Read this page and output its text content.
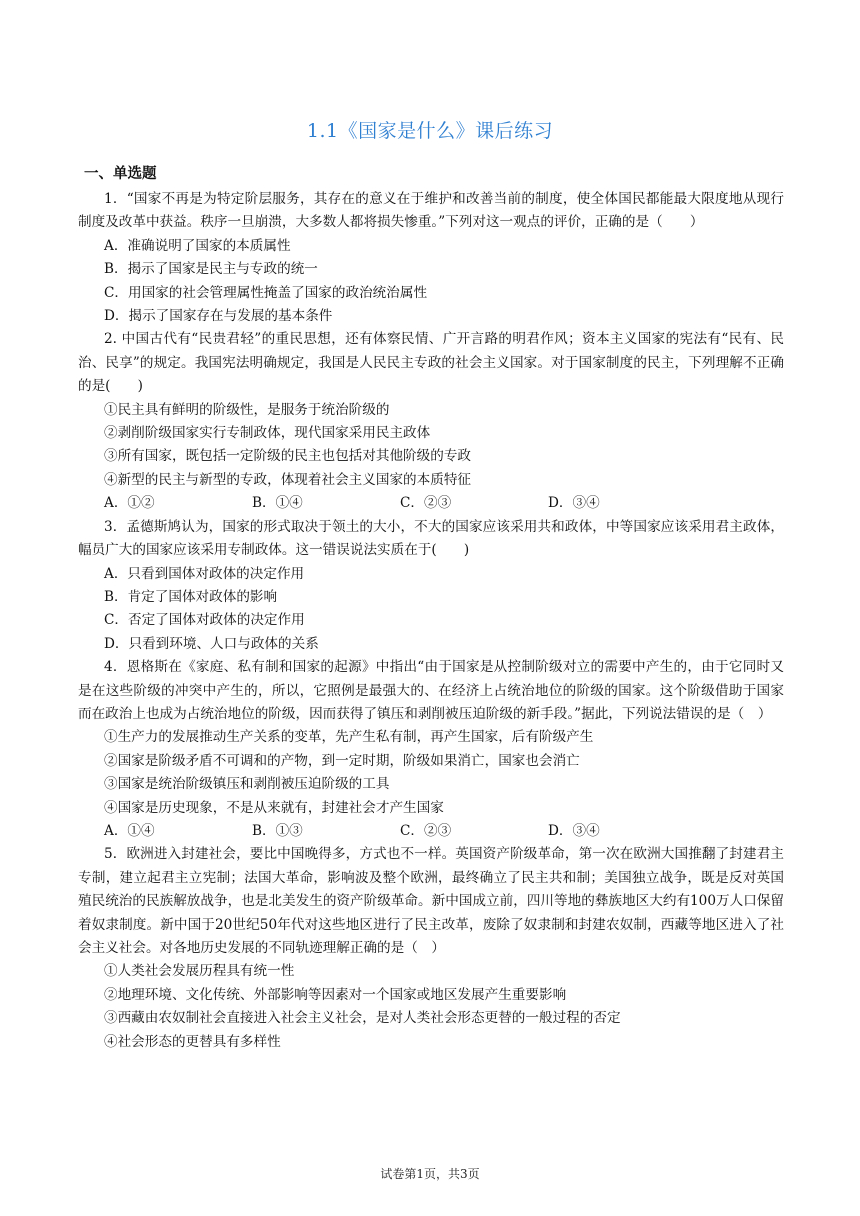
1.1《国家是什么》课后练习
一、单选题

1．“国家不再是为特定阶层服务，其存在的意义在于维护和改善当前的制度，使全体国民都能最大限度地从现行制度及改革中获益。秩序一旦崩溃，大多数人都将损失惨重。”下列对这一观点的评价，正确的是（　　）

A．准确说明了国家的本质属性

B．揭示了国家是民主与专政的统一

C．用国家的社会管理属性掩盖了国家的政治统治属性

D．揭示了国家存在与发展的基本条件

2. 中国古代有“民贵君轻”的重民思想，还有体察民情、广开言路的明君作风；资本主义国家的宪法有“民有、民治、民享”的规定。我国宪法明确规定，我国是人民民主专政的社会主义国家。对于国家制度的民主，下列理解不正确的是(　　)

①民主具有鲜明的阶级性，是服务于统治阶级的

②剥削阶级国家实行专制政体，现代国家采用民主政体

③所有国家，既包括一定阶级的民主也包括对其他阶级的专政

④新型的民主与新型的专政，体现着社会主义国家的本质特征

A．①②	B．①④	C．②③	D．③④

3．孟德斯鸠认为，国家的形式取决于领土的大小，不大的国家应该采用共和政体，中等国家应该采用君主政体，幅员广大的国家应该采用专制政体。这一错误说法实质在于(　　)

A．只看到国体对政体的决定作用

B．肯定了国体对政体的影响

C．否定了国体对政体的决定作用

D．只看到环境、人口与政体的关系

4．恩格斯在《家庭、私有制和国家的起源》中指出“由于国家是从控制阶级对立的需要中产生的，由于它同时又是在这些阶级的冲突中产生的，所以，它照例是最强大的、在经济上占统治地位的阶级的国家。这个阶级借助于国家而在政治上也成为占统治地位的阶级，因而获得了镇压和剥削被压迫阶级的新手段。”据此，下列说法错误的是（　）

①生产力的发展推动生产关系的变革，先产生私有制，再产生国家，后有阶级产生

②国家是阶级矛盾不可调和的产物，到一定时期，阶级如果消亡，国家也会消亡

③国家是统治阶级镇压和剥削被压迫阶级的工具

④国家是历史现象，不是从来就有，封建社会才产生国家

A．①④	B．①③	C．②③	D．③④

5．欧洲进入封建社会，要比中国晚得多，方式也不一样。英国资产阶级革命，第一次在欧洲大国推翻了封建君主专制，建立起君主立宪制；法国大革命，影响波及整个欧洲，最终确立了民主共和制；美国独立战争，既是反对英国殖民统治的民族解放战争，也是北美发生的资产阶级革命。新中国成立前，四川等地的彝族地区大约有100万人口保留着奴隶制度。新中国于20世纪50年代对这些地区进行了民主改革，废除了奴隶制和封建农奴制，西藏等地区进入了社会主义社会。对各地历史发展的不同轨迹理解正确的是（　）

①人类社会发展历程具有统一性

②地理环境、文化传统、外部影响等因素对一个国家或地区发展产生重要影响

③西藏由农奴制社会直接进入社会主义社会，是对人类社会形态更替的一般过程的否定

④社会形态的更替具有多样性

试卷第1页，共3页
